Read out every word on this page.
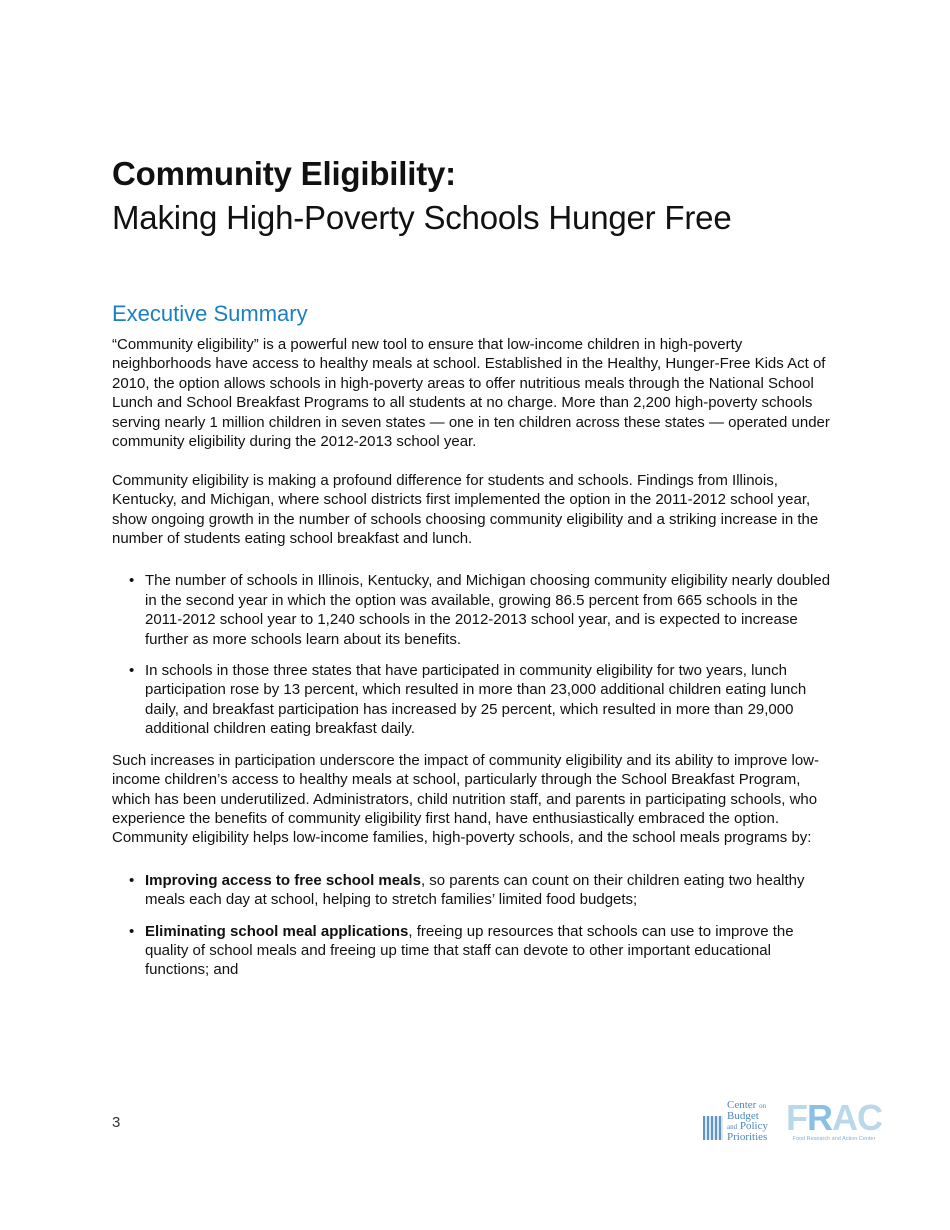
Community Eligibility:
Making High-Poverty Schools Hunger Free
Executive Summary

“Community eligibility” is a powerful new tool to ensure that low-income children in high-poverty neighborhoods have access to healthy meals at school. Established in the Healthy, Hunger-Free Kids Act of 2010, the option allows schools in high-poverty areas to offer nutritious meals through the National School Lunch and School Breakfast Programs to all students at no charge. More than 2,200 high-poverty schools serving nearly 1 million children in seven states — one in ten children across these states — operated under community eligibility during the 2012-2013 school year.

Community eligibility is making a profound difference for students and schools. Findings from Illinois, Kentucky, and Michigan, where school districts first implemented the option in the 2011-2012 school year, show ongoing growth in the number of schools choosing community eligibility and a striking increase in the number of students eating school breakfast and lunch.

• The number of schools in Illinois, Kentucky, and Michigan choosing community eligibility nearly doubled in the second year in which the option was available, growing 86.5 percent from 665 schools in the 2011-2012 school year to 1,240 schools in the 2012-2013 school year, and is expected to increase further as more schools learn about its benefits.
• In schools in those three states that have participated in community eligibility for two years, lunch participation rose by 13 percent, which resulted in more than 23,000 additional children eating lunch daily, and breakfast participation has increased by 25 percent, which resulted in more than 29,000 additional children eating breakfast daily.

Such increases in participation underscore the impact of community eligibility and its ability to improve low-income children’s access to healthy meals at school, particularly through the School Breakfast Program, which has been underutilized. Administrators, child nutrition staff, and parents in participating schools, who experience the benefits of community eligibility first hand, have enthusiastically embraced the option. Community eligibility helps low-income families, high-poverty schools, and the school meals programs by:

• Improving access to free school meals, so parents can count on their children eating two healthy meals each day at school, helping to stretch families’ limited food budgets;
• Eliminating school meal applications, freeing up resources that schools can use to improve the quality of school meals and freeing up time that staff can devote to other important educational functions; and
3
Center on
Budget
and Policy
Priorities FRAC
Food Research and Action Center
